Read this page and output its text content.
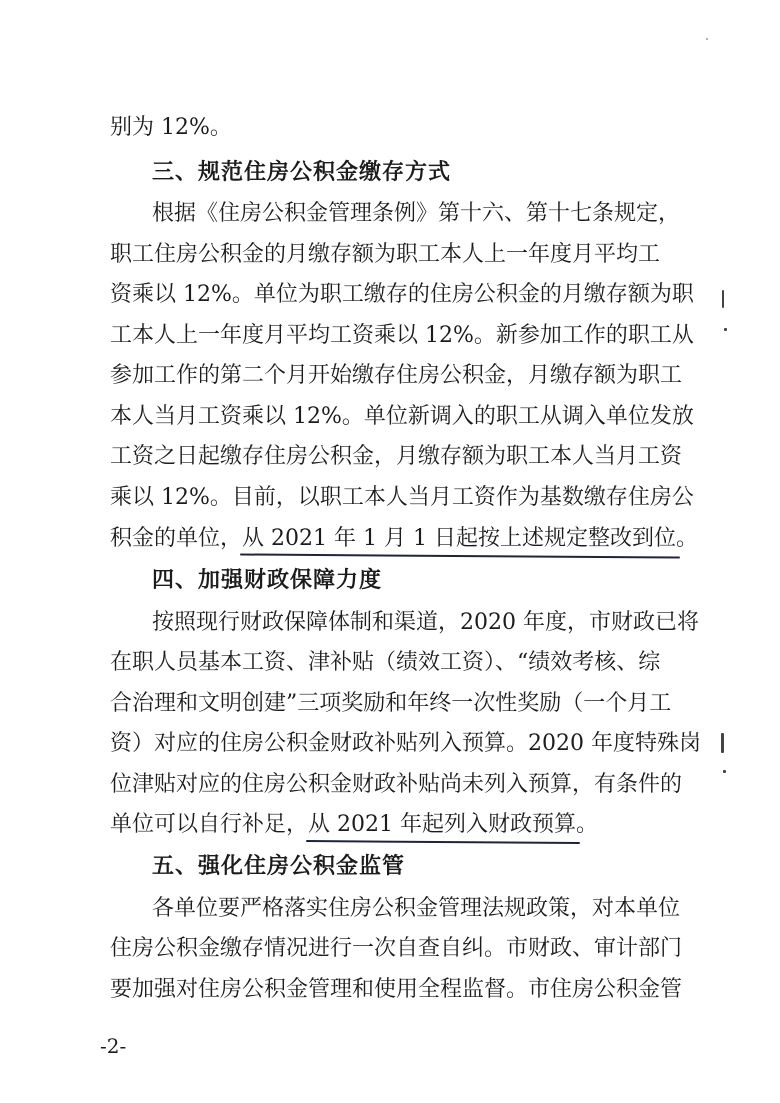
别为 12%。
三、规范住房公积金缴存方式
根据《住房公积金管理条例》第十六、第十七条规定，
职工住房公积金的月缴存额为职工本人上一年度月平均工
资乘以 12%。单位为职工缴存的住房公积金的月缴存额为职
工本人上一年度月平均工资乘以 12%。新参加工作的职工从
参加工作的第二个月开始缴存住房公积金，月缴存额为职工
本人当月工资乘以 12%。单位新调入的职工从调入单位发放
工资之日起缴存住房公积金，月缴存额为职工本人当月工资
乘以 12%。目前，以职工本人当月工资作为基数缴存住房公
积金的单位，从 2021 年 1 月 1 日起按上述规定整改到位。
四、加强财政保障力度
按照现行财政保障体制和渠道，2020 年度，市财政已将
在职人员基本工资、津补贴（绩效工资）、“绩效考核、综
合治理和文明创建”三项奖励和年终一次性奖励（一个月工
资）对应的住房公积金财政补贴列入预算。2020 年度特殊岗
位津贴对应的住房公积金财政补贴尚未列入预算，有条件的
单位可以自行补足，从 2021 年起列入财政预算。
五、强化住房公积金监管
各单位要严格落实住房公积金管理法规政策，对本单位
住房公积金缴存情况进行一次自查自纠。市财政、审计部门
要加强对住房公积金管理和使用全程监督。市住房公积金管
-2-
